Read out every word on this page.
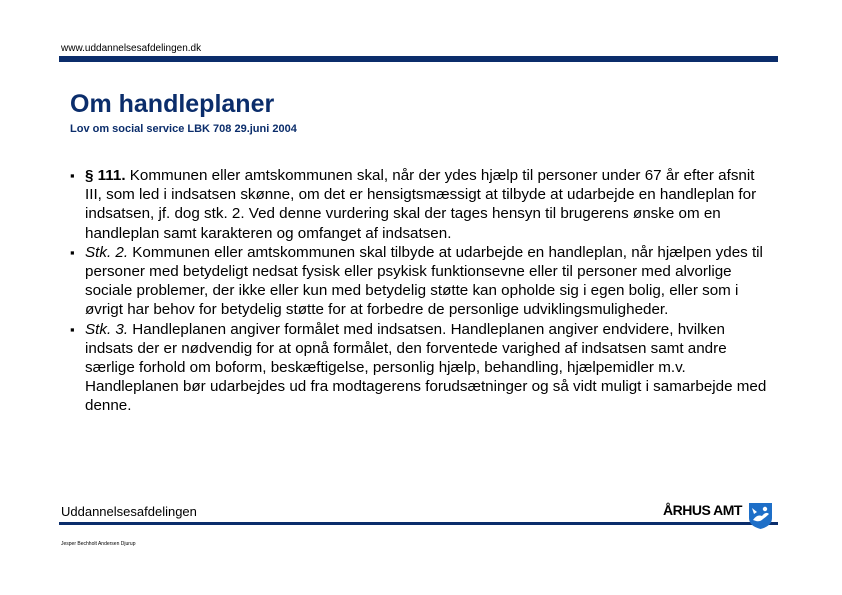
www.uddannelsesafdelingen.dk
Om handleplaner

Lov om social service LBK 708 29.juni 2004

▪ § 111. Kommunen eller amtskommunen skal, når der ydes hjælp til personer under 67 år efter afsnit III, som led i indsatsen skønne, om det er hensigtsmæssigt at tilbyde at udarbejde en handleplan for indsatsen, jf. dog stk. 2. Ved denne vurdering skal der tages hensyn til brugerens ønske om en handleplan samt karakteren og omfanget af indsatsen.

▪ Stk. 2. Kommunen eller amtskommunen skal tilbyde at udarbejde en handleplan, når hjælpen ydes til personer med betydeligt nedsat fysisk eller psykisk funktionsevne eller til personer med alvorlige sociale problemer, der ikke eller kun med betydelig støtte kan opholde sig i egen bolig, eller som i øvrigt har behov for betydelig støtte for at forbedre de personlige udviklingsmuligheder.

▪ Stk. 3. Handleplanen angiver formålet med indsatsen. Handleplanen angiver endvidere, hvilken indsats der er nødvendig for at opnå formålet, den forventede varighed af indsatsen samt andre særlige forhold om boform, beskæftigelse, personlig hjælp, behandling, hjælpemidler m.v. Handleplanen bør udarbejdes ud fra modtagerens forudsætninger og så vidt muligt i samarbejde med denne.

Uddannelsesafdelingen
Jesper Bechholt Andersen Djurup
ÅRHUS AMT
